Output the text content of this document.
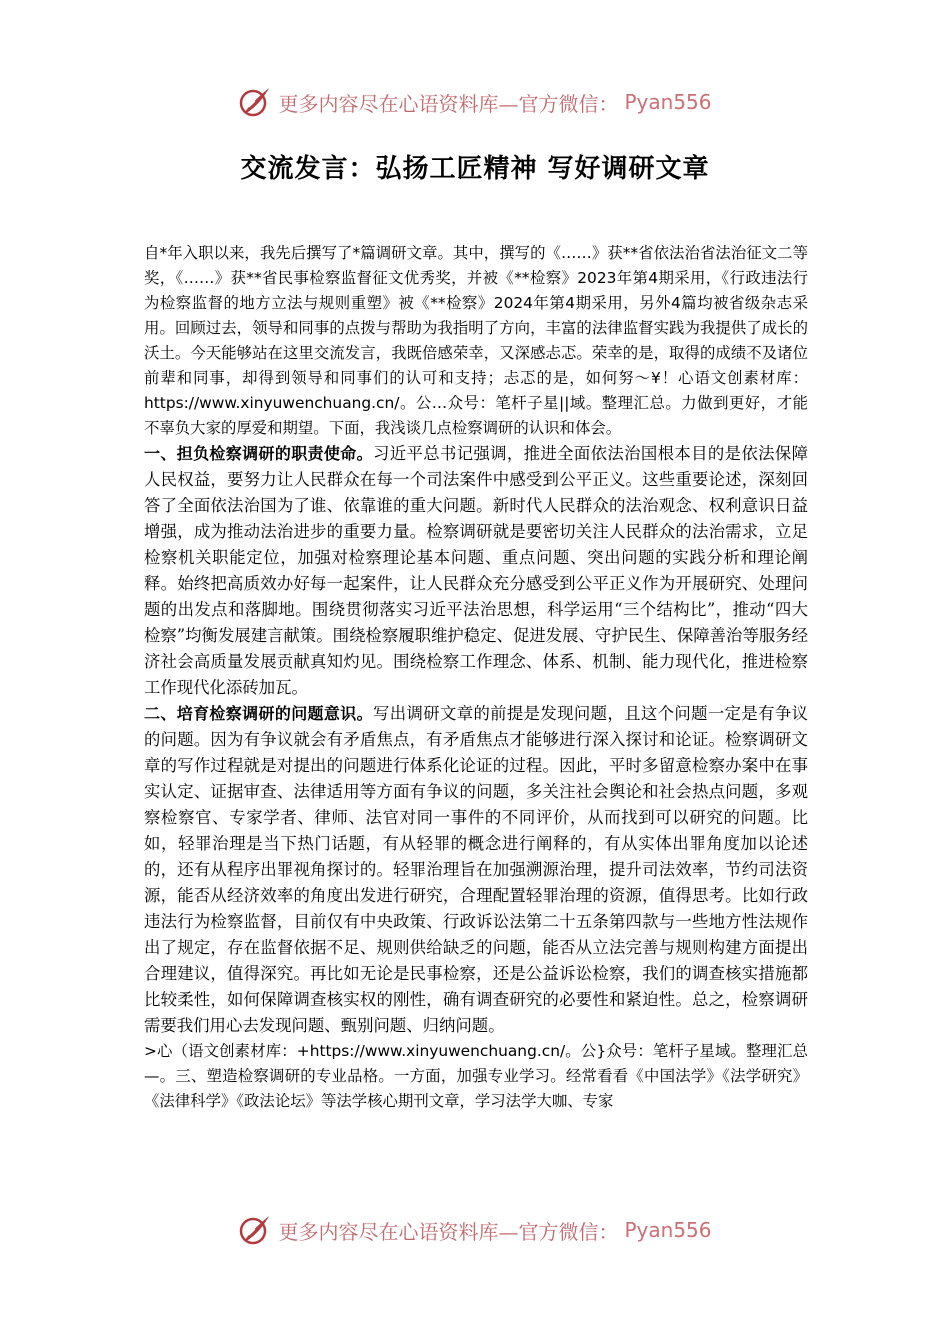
更多内容尽在心语资料库—官方微信： Pyan556
交流发言：弘扬工匠精神 写好调研文章

自*年入职以来，我先后撰写了*篇调研文章。其中，撰写的《……》获**省依法治省法治征文二等奖，《……》获**省民事检察监督征文优秀奖，并被《**检察》2023年第4期采用，《行政违法行为检察监督的地方立法与规则重塑》被《**检察》2024年第4期采用，另外4篇均被省级杂志采用。回顾过去，领导和同事的点拨与帮助为我指明了方向，丰富的法律监督实践为我提供了成长的沃土。今天能够站在这里交流发言，我既倍感荣幸，又深感忐忑。荣幸的是，取得的成绩不及诸位前辈和同事，却得到领导和同事们的认可和支持；忐忑的是，如何努～¥！心语文创素材库：https://www.xinyuwenchuang.cn/。公…众号：笔杆子星||域。整理汇总。力做到更好，才能不辜负大家的厚爱和期望。下面，我浅谈几点检察调研的认识和体会。

一、担负检察调研的职责使命。习近平总书记强调，推进全面依法治国根本目的是依法保障人民权益，要努力让人民群众在每一个司法案件中感受到公平正义。这些重要论述，深刻回答了全面依法治国为了谁、依靠谁的重大问题。新时代人民群众的法治观念、权利意识日益增强，成为推动法治进步的重要力量。检察调研就是要密切关注人民群众的法治需求，立足检察机关职能定位，加强对检察理论基本问题、重点问题、突出问题的实践分析和理论阐释。始终把高质效办好每一起案件，让人民群众充分感受到公平正义作为开展研究、处理问题的出发点和落脚地。围绕贯彻落实习近平法治思想，科学运用“三个结构比”，推动“四大检察”均衡发展建言献策。围绕检察履职维护稳定、促进发展、守护民生、保障善治等服务经济社会高质量发展贡献真知灼见。围绕检察工作理念、体系、机制、能力现代化，推进检察工作现代化添砖加瓦。

二、培育检察调研的问题意识。写出调研文章的前提是发现问题，且这个问题一定是有争议的问题。因为有争议就会有矛盾焦点，有矛盾焦点才能够进行深入探讨和论证。检察调研文章的写作过程就是对提出的问题进行体系化论证的过程。因此，平时多留意检察办案中在事实认定、证据审查、法律适用等方面有争议的问题，多关注社会舆论和社会热点问题，多观察检察官、专家学者、律师、法官对同一事件的不同评价，从而找到可以研究的问题。比如，轻罪治理是当下热门话题，有从轻罪的概念进行阐释的，有从实体出罪角度加以论述的，还有从程序出罪视角探讨的。轻罪治理旨在加强溯源治理，提升司法效率，节约司法资源，能否从经济效率的角度出发进行研究，合理配置轻罪治理的资源，值得思考。比如行政违法行为检察监督，目前仅有中央政策、行政诉讼法第二十五条第四款与一些地方性法规作出了规定，存在监督依据不足、规则供给缺乏的问题，能否从立法完善与规则构建方面提出合理建议，值得深究。再比如无论是民事检察，还是公益诉讼检察，我们的调查核实措施都比较柔性，如何保障调查核实权的刚性，确有调查研究的必要性和紧迫性。总之，检察调研需要我们用心去发现问题、甄别问题、归纳问题。

>心（语文创素材库：+https://www.xinyuwenchuang.cn/。公}众号：笔杆子星域。整理汇总—。三、塑造检察调研的专业品格。一方面，加强专业学习。经常看看《中国法学》《法学研究》《法律科学》《政法论坛》等法学核心期刊文章，学习法学大咖、专家

更多内容尽在心语资料库—官方微信： Pyan556
